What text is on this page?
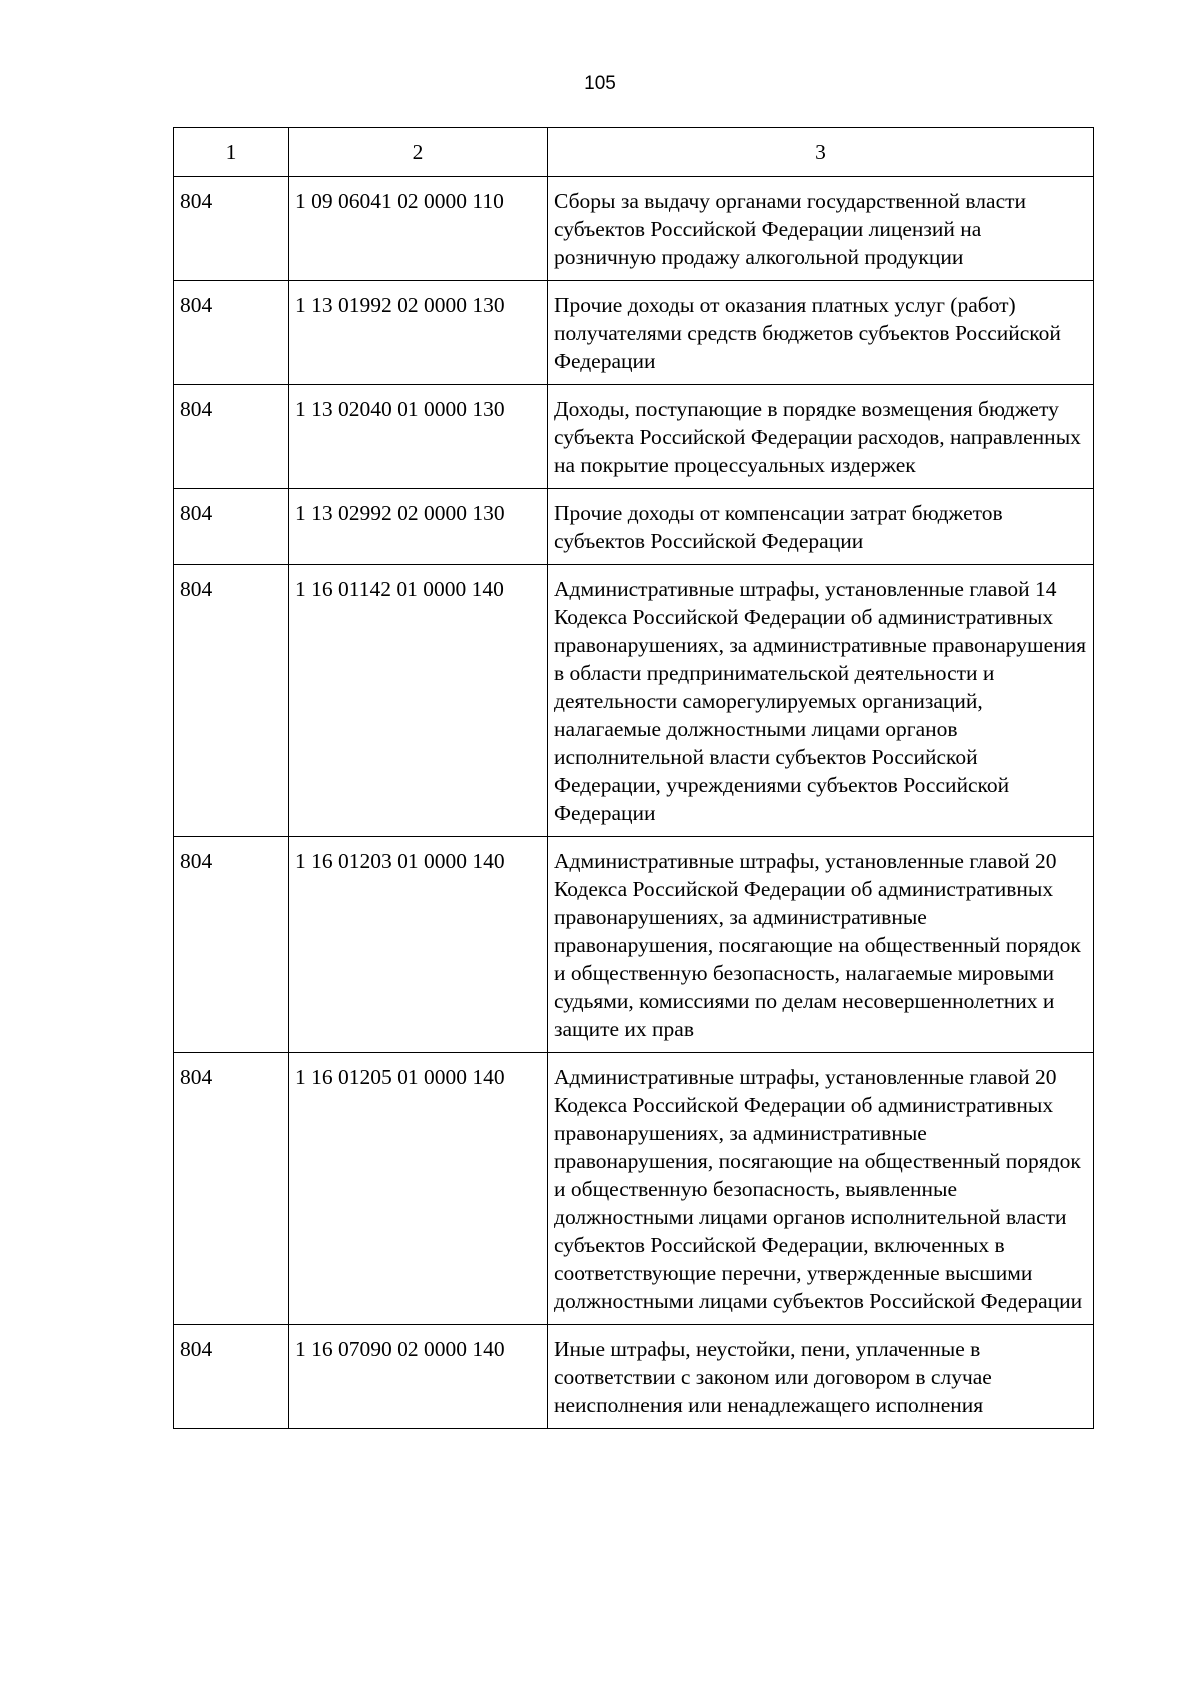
105
1	2	3
804	1 09 06041 02 0000 110	Сборы за выдачу органами государственной власти субъектов Российской Федерации лицензий на розничную продажу алкогольной продукции
804	1 13 01992 02 0000 130	Прочие доходы от оказания платных услуг (работ) получателями средств бюджетов субъектов Российской Федерации
804	1 13 02040 01 0000 130	Доходы, поступающие в порядке возмещения бюджету субъекта Российской Федерации расходов, направленных на покрытие процессуальных издержек
804	1 13 02992 02 0000 130	Прочие доходы от компенсации затрат бюджетов субъектов Российской Федерации
804	1 16 01142 01 0000 140	Административные штрафы, установленные главой 14 Кодекса Российской Федерации об административных правонарушениях, за административные правонарушения в области предпринимательской деятельности и деятельности саморегулируемых организаций, налагаемые должностными лицами органов исполнительной власти субъектов Российской Федерации, учреждениями субъектов Российской Федерации
804	1 16 01203 01 0000 140	Административные штрафы, установленные главой 20 Кодекса Российской Федерации об административных правонарушениях, за административные правонарушения, посягающие на общественный порядок и общественную безопасность, налагаемые мировыми судьями, комиссиями по делам несовершеннолетних и защите их прав
804	1 16 01205 01 0000 140	Административные штрафы, установленные главой 20 Кодекса Российской Федерации об административных правонарушениях, за административные правонарушения, посягающие на общественный порядок и общественную безопасность, выявленные должностными лицами органов исполнительной власти субъектов Российской Федерации, включенных в соответствующие перечни, утвержденные высшими должностными лицами субъектов Российской Федерации
804	1 16 07090 02 0000 140	Иные штрафы, неустойки, пени, уплаченные в соответствии с законом или договором в случае неисполнения или ненадлежащего исполнения
